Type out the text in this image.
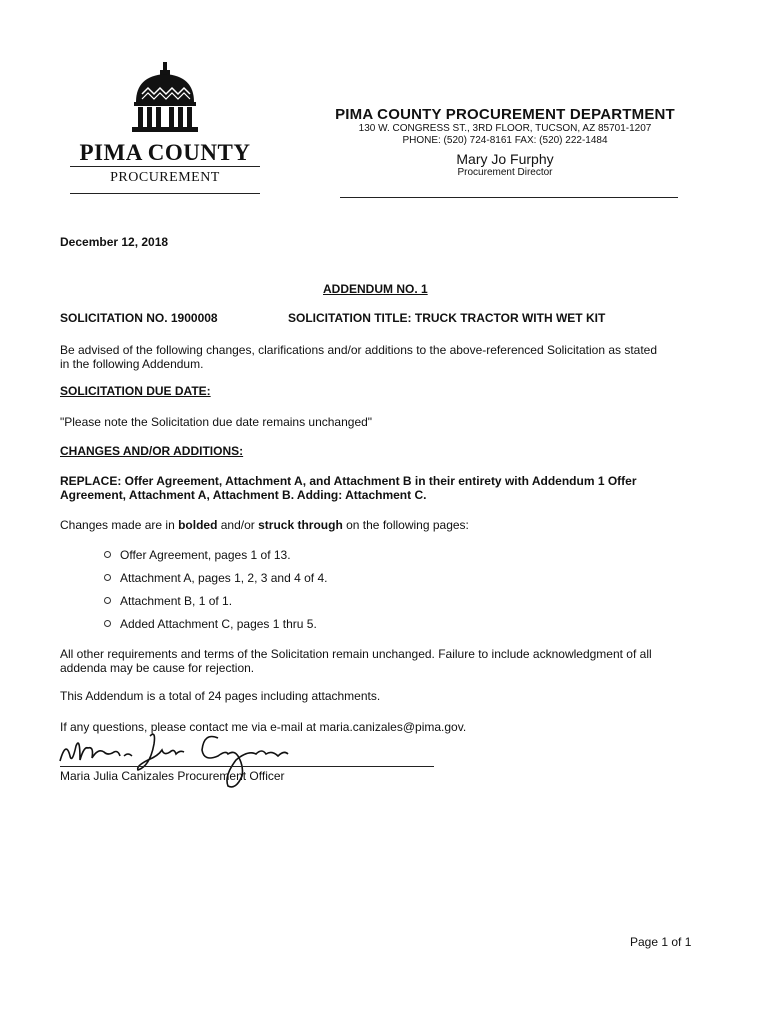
PIMA COUNTY
PROCUREMENT
PIMA COUNTY PROCUREMENT DEPARTMENT
130 W. CONGRESS ST., 3RD FLOOR, TUCSON, AZ 85701-1207
PHONE: (520) 724-8161 FAX: (520) 222-1484
Mary Jo Furphy
Procurement Director
December 12, 2018
ADDENDUM NO. 1
SOLICITATION NO. 1900008	SOLICITATION TITLE: TRUCK TRACTOR WITH WET KIT
Be advised of the following changes, clarifications and/or additions to the above-referenced Solicitation as stated
in the following Addendum.
SOLICITATION DUE DATE:
"Please note the Solicitation due date remains unchanged"
CHANGES AND/OR ADDITIONS:
REPLACE: Offer Agreement, Attachment A, and Attachment B in their entirety with Addendum 1 Offer
Agreement, Attachment A, Attachment B. Adding: Attachment C.
Changes made are in bolded and/or struck through on the following pages:
Offer Agreement, pages 1 of 13.
Attachment A, pages 1, 2, 3 and 4 of 4.
Attachment B, 1 of 1.
Added Attachment C, pages 1 thru 5.
All other requirements and terms of the Solicitation remain unchanged. Failure to include acknowledgment of all
addenda may be cause for rejection.
This Addendum is a total of 24 pages including attachments.
If any questions, please contact me via e-mail at maria.canizales@pima.gov.
Maria Julia Canizales Procurement Officer
Page 1 of 1
